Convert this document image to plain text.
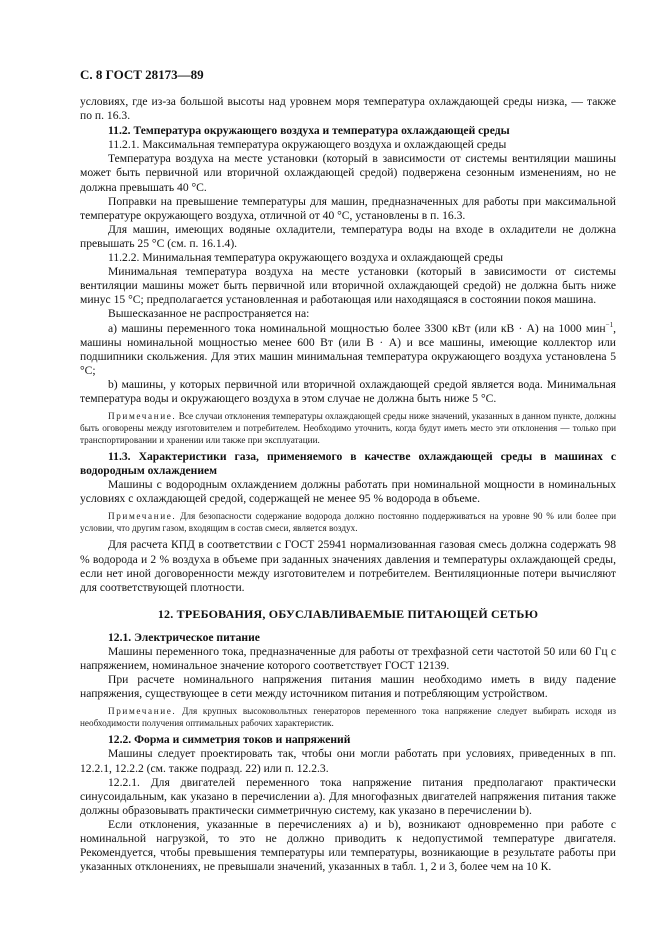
С. 8 ГОСТ 28173—89

условиях, где из-за большой высоты над уровнем моря температура охлаждающей среды низка, — также по п. 16.3.

11.2. Температура окружающего воздуха и температура охлаждающей среды

11.2.1. Максимальная температура окружающего воздуха и охлаждающей среды

Температура воздуха на месте установки (который в зависимости от системы вентиляции машины может быть первичной или вторичной охлаждающей средой) подвержена сезонным изменениям, но не должна превышать 40 °С.

Поправки на превышение температуры для машин, предназначенных для работы при максимальной температуре окружающего воздуха, отличной от 40 °С, установлены в п. 16.3.

Для машин, имеющих водяные охладители, температура воды на входе в охладители не должна превышать 25 °С (см. п. 16.1.4).

11.2.2. Минимальная температура окружающего воздуха и охлаждающей среды

Минимальная температура воздуха на месте установки (который в зависимости от системы вентиляции машины может быть первичной или вторичной охлаждающей средой) не должна быть ниже минус 15 °С; предполагается установленная и работающая или находящаяся в состоянии покоя машина.

Вышесказанное не распространяется на:

a) машины переменного тока номинальной мощностью более 3300 кВт (или кВ · А) на 1000 мин$^{-1}$, машины номинальной мощностью менее 600 Вт (или В · А) и все машины, имеющие коллектор или подшипники скольжения. Для этих машин минимальная температура окружающего воздуха установлена 5 °С;

b) машины, у которых первичной или вторичной охлаждающей средой является вода. Минимальная температура воды и окружающего воздуха в этом случае не должна быть ниже 5 °С.

Примечание. Все случаи отклонения температуры охлаждающей среды ниже значений, указанных в данном пункте, должны быть оговорены между изготовителем и потребителем. Необходимо уточнить, когда будут иметь место эти отклонения — только при транспортировании и хранении или также при эксплуатации.

11.3. Характеристики газа, применяемого в качестве охлаждающей среды в машинах с водородным охлаждением

Машины с водородным охлаждением должны работать при номинальной мощности в номинальных условиях с охлаждающей средой, содержащей не менее 95 % водорода в объеме.

Примечание. Для безопасности содержание водорода должно постоянно поддерживаться на уровне 90 % или более при условии, что другим газом, входящим в состав смеси, является воздух.

Для расчета КПД в соответствии с ГОСТ 25941 нормализованная газовая смесь должна содержать 98 % водорода и 2 % воздуха в объеме при заданных значениях давления и температуры охлаждающей среды, если нет иной договоренности между изготовителем и потребителем. Вентиляционные потери вычисляют для соответствующей плотности.

12. ТРЕБОВАНИЯ, ОБУСЛАВЛИВАЕМЫЕ ПИТАЮЩЕЙ СЕТЬЮ

12.1. Электрическое питание

Машины переменного тока, предназначенные для работы от трехфазной сети частотой 50 или 60 Гц с напряжением, номинальное значение которого соответствует ГОСТ 12139.

При расчете номинального напряжения питания машин необходимо иметь в виду падение напряжения, существующее в сети между источником питания и потребляющим устройством.

Примечание. Для крупных высоковольтных генераторов переменного тока напряжение следует выбирать исходя из необходимости получения оптимальных рабочих характеристик.

12.2. Форма и симметрия токов и напряжений

Машины следует проектировать так, чтобы они могли работать при условиях, приведенных в пп. 12.2.1, 12.2.2 (см. также подразд. 22) или п. 12.2.3.

12.2.1. Для двигателей переменного тока напряжение питания предполагают практически синусоидальным, как указано в перечислении а). Для многофазных двигателей напряжения питания также должны образовывать практически симметричную систему, как указано в перечислении b).

Если отклонения, указанные в перечислениях а) и b), возникают одновременно при работе с номинальной нагрузкой, то это не должно приводить к недопустимой температуре двигателя. Рекомендуется, чтобы превышения температуры или температуры, возникающие в результате работы при указанных отклонениях, не превышали значений, указанных в табл. 1, 2 и 3, более чем на 10 К.
